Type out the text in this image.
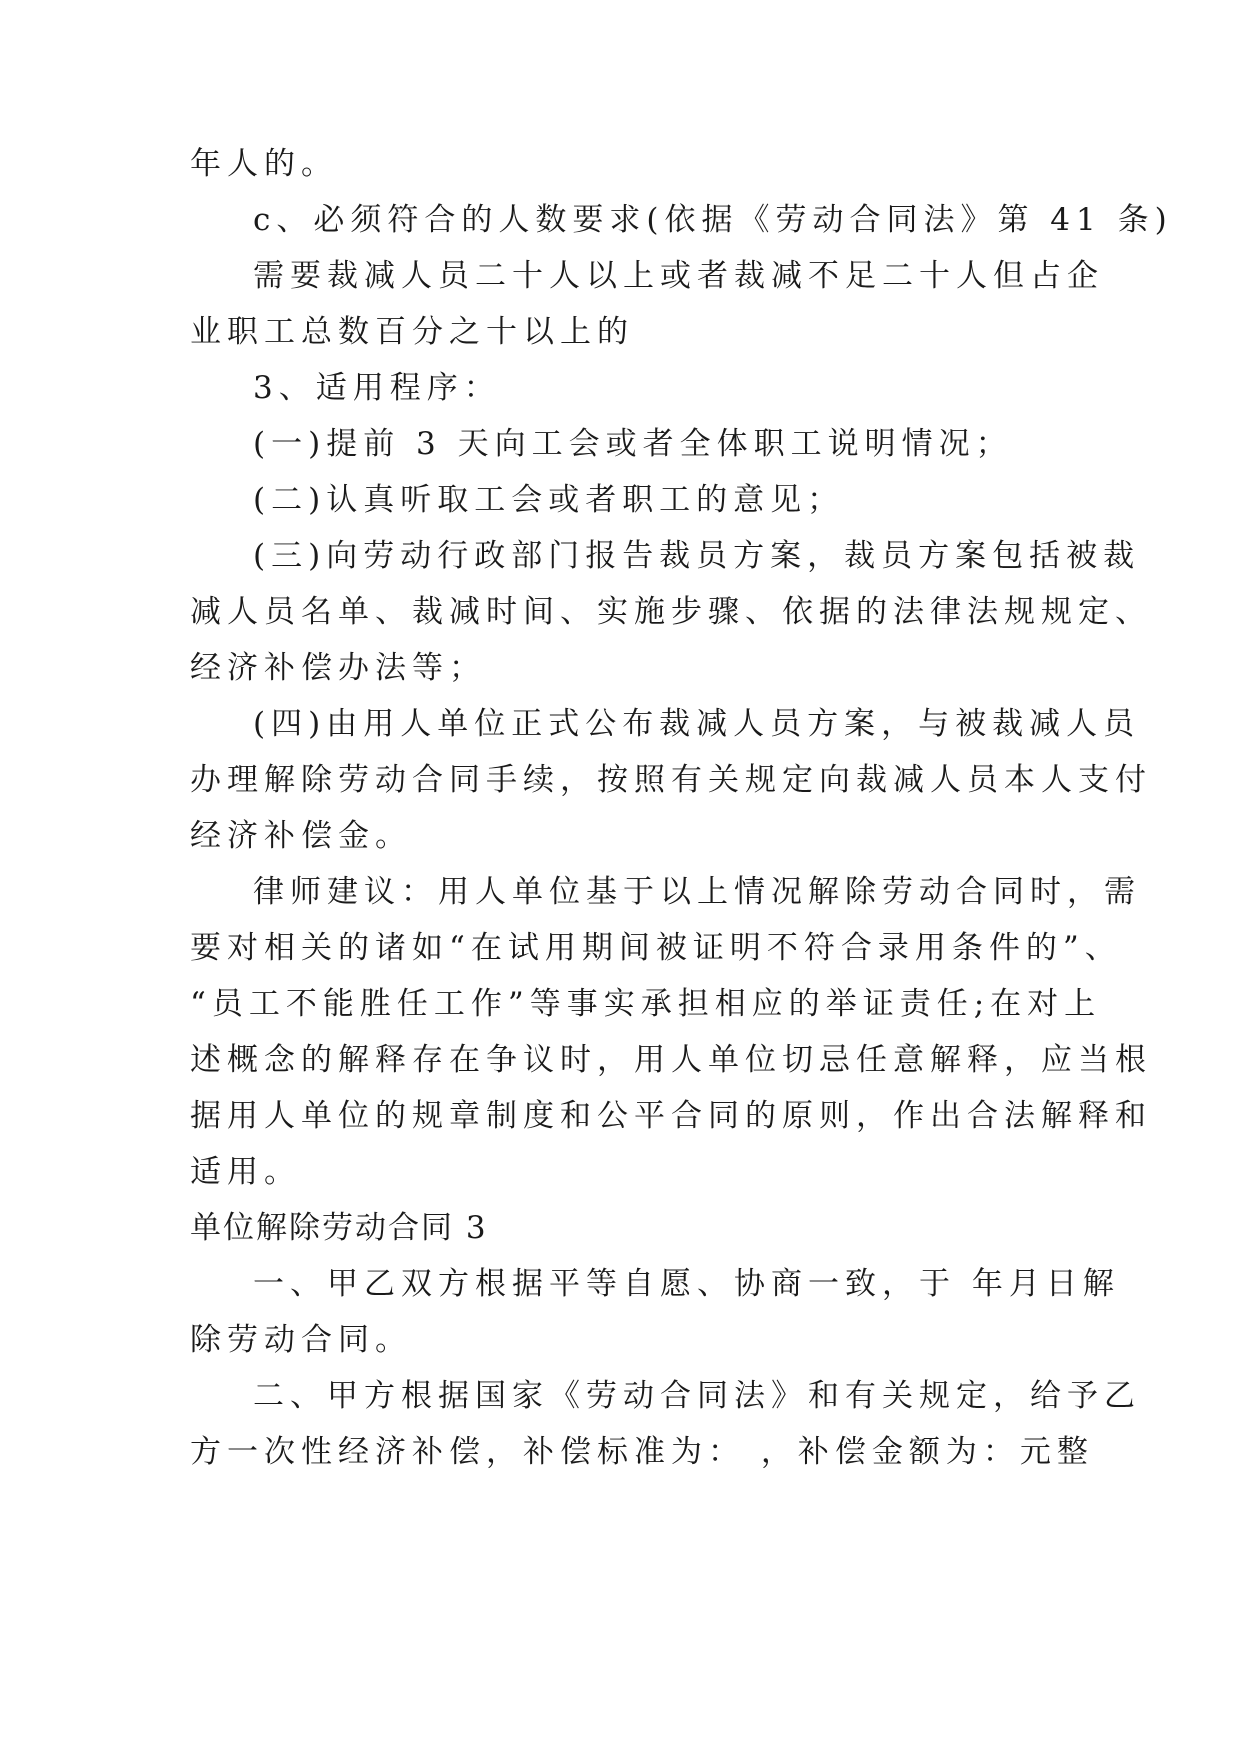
年人的。
c、必须符合的人数要求(依据《劳动合同法》第 41 条)
需要裁减人员二十人以上或者裁减不足二十人但占企
业职工总数百分之十以上的
3、适用程序：
(一)提前 3 天向工会或者全体职工说明情况；
(二)认真听取工会或者职工的意见；
(三)向劳动行政部门报告裁员方案，裁员方案包括被裁
减人员名单、裁减时间、实施步骤、依据的法律法规规定、
经济补偿办法等；
(四)由用人单位正式公布裁减人员方案，与被裁减人员
办理解除劳动合同手续，按照有关规定向裁减人员本人支付
经济补偿金。
律师建议：用人单位基于以上情况解除劳动合同时，需
要对相关的诸如“在试用期间被证明不符合录用条件的”、
“员工不能胜任工作”等事实承担相应的举证责任;在对上
述概念的解释存在争议时，用人单位切忌任意解释，应当根
据用人单位的规章制度和公平合同的原则，作出合法解释和
适用。
单位解除劳动合同 3
一、甲乙双方根据平等自愿、协商一致，于 年月日解
除劳动合同。
二、甲方根据国家《劳动合同法》和有关规定，给予乙
方一次性经济补偿，补偿标准为： ，补偿金额为：元整
